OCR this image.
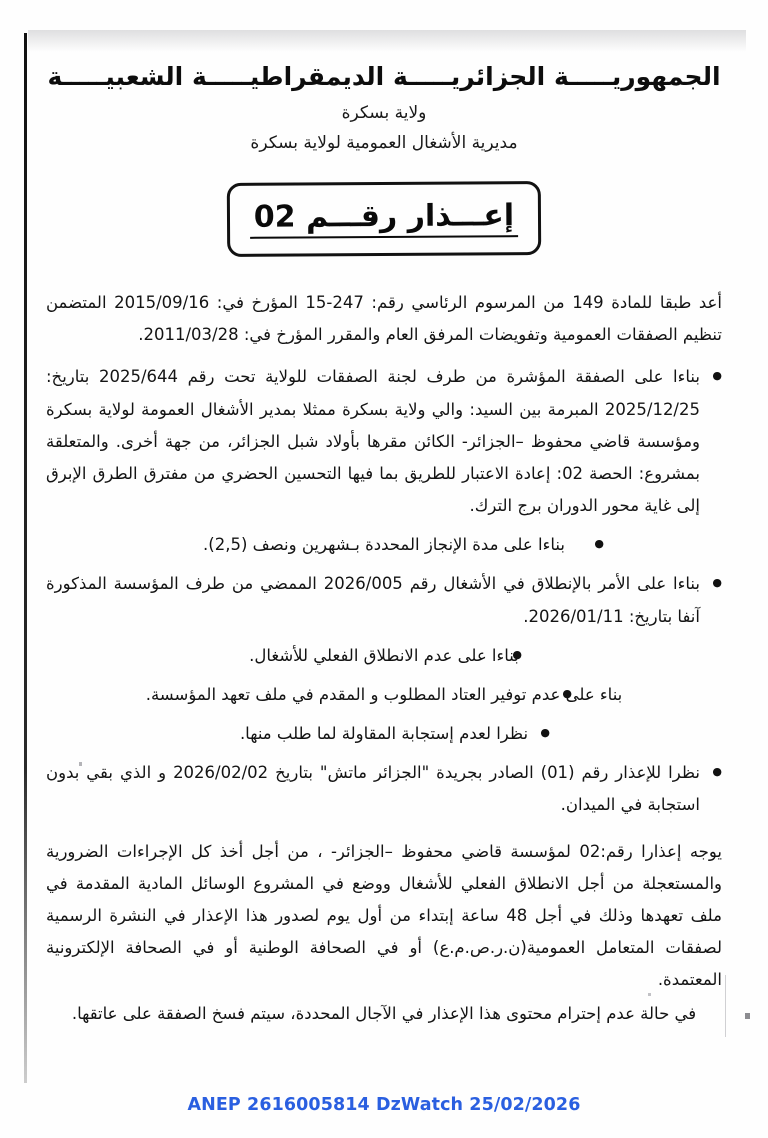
الجمهوريـــــة الجزائريـــــة الديمقراطيـــــة الشعبيـــــة
ولاية بسكرة
مديرية الأشغال العمومية لولاية بسكرة
إعـــذار رقـــم 02

أعد طبقا للمادة 149 من المرسوم الرئاسي رقم: 247-15 المؤرخ في: 2015/09/16 المتضمن تنظيم الصفقات العمومية وتفويضات المرفق العام والمقرر المؤرخ في: 2011/03/28.

● بناءا على الصفقة المؤشرة من طرف لجنة الصفقات للولاية تحت رقم 2025/644 بتاريخ: 2025/12/25 المبرمة بين السيد: والي ولاية بسكرة ممثلا بمدير الأشغال العمومة لولاية بسكرة ومؤسسة قاضي محفوظ –الجزائر- الكائن مقرها بأولاد شبل الجزائر، من جهة أخرى. والمتعلقة بمشروع: الحصة 02: إعادة الاعتبار للطريق بما فيها التحسين الحضري من مفترق الطرق الإبرق إلى غاية محور الدوران برج الترك.
● بناءا على مدة الإنجاز المحددة بـشهرين ونصف (2,5).
● بناءا على الأمر بالإنطلاق في الأشغال رقم 2026/005 الممضي من طرف المؤسسة المذكورة آنفا بتاريخ: 2026/01/11.
● بناءا على عدم الانطلاق الفعلي للأشغال.
● بناء على عدم توفير العتاد المطلوب و المقدم في ملف تعهد المؤسسة.
● نظرا لعدم إستجابة المقاولة لما طلب منها.
● نظرا للإعذار رقم (01) الصادر بجريدة "الجزائر ماتش" بتاريخ 2026/02/02 و الذي بقي بدون استجابة في الميدان.

يوجه إعذارا رقم:02 لمؤسسة قاضي محفوظ –الجزائر- ، من أجل أخذ كل الإجراءات الضرورية والمستعجلة من أجل الانطلاق الفعلي للأشغال ووضع في المشروع الوسائل المادية المقدمة في ملف تعهدها وذلك في أجل 48 ساعة إبتداء من أول يوم لصدور هذا الإعذار في النشرة الرسمية لصفقات المتعامل العمومية(ن.ر.ص.م.ع) أو في الصحافة الوطنية أو في الصحافة الإلكترونية المعتمدة.

في حالة عدم إحترام محتوى هذا الإعذار في الآجال المحددة، سيتم فسخ الصفقة على عاتقها.

ANEP 2616005814 DzWatch 25/02/2026
